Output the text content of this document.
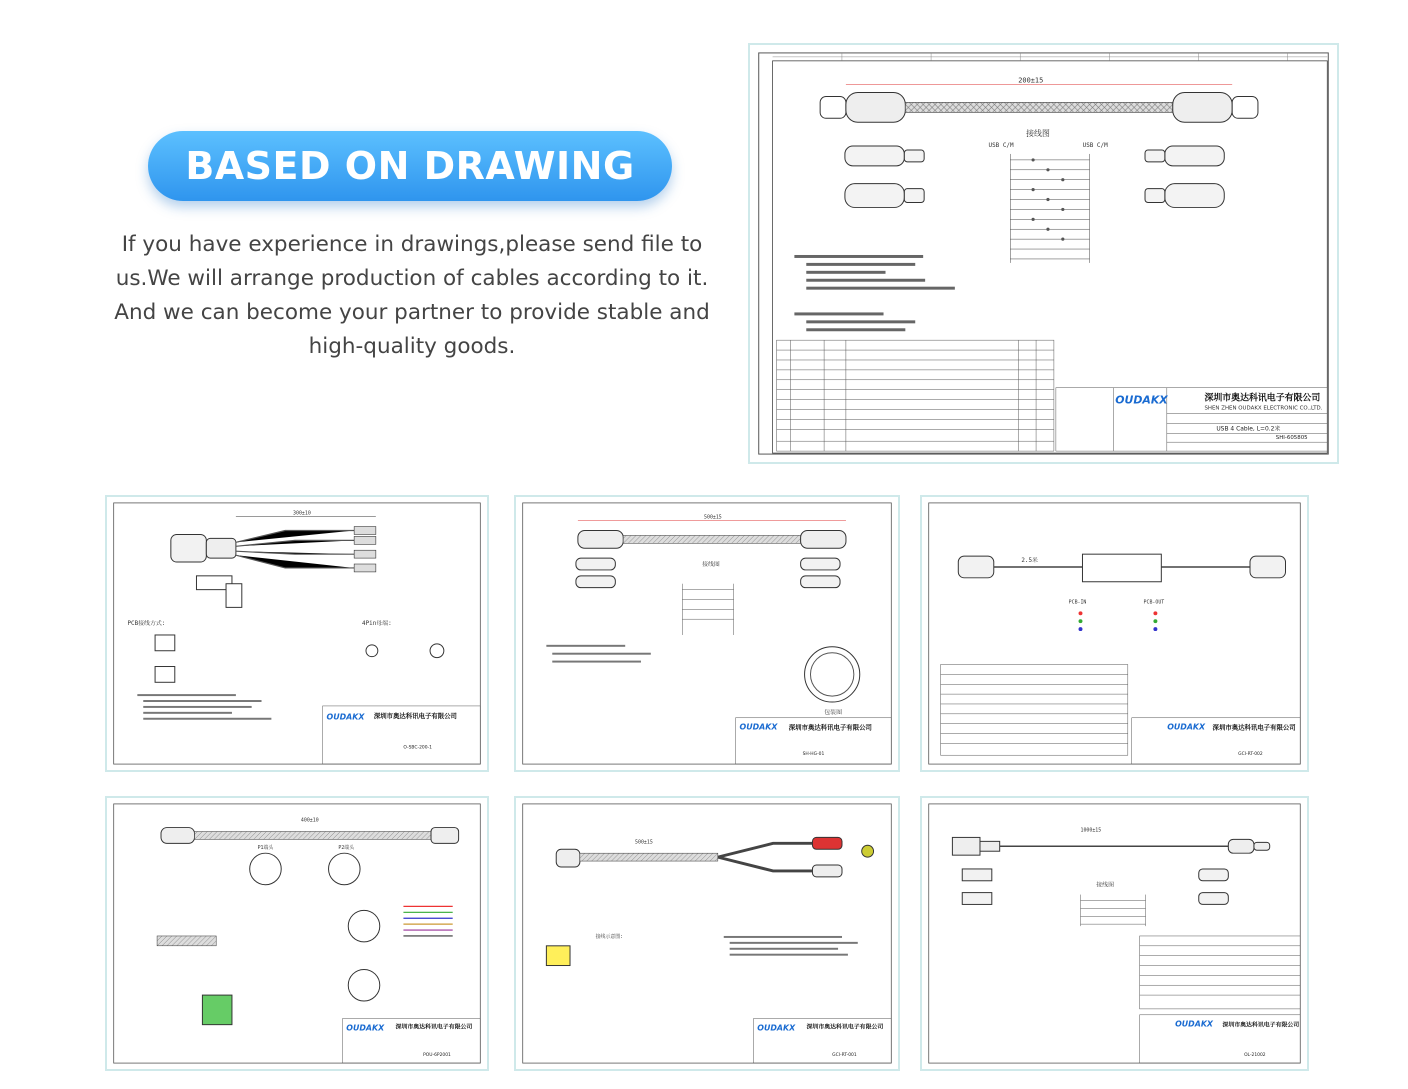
BASED ON DRAWING
If you have experience in drawings,please send file to us.We will arrange production of cables according to it. And we can become your partner to provide stable and high-quality goods.
200±15
接线图
USB C/M	USB C/M
OUDAKX	深圳市奥达科讯电子有限公司
SHEN ZHEN OUDAKX ELECTRONIC CO.,LTD.
USB 4 Cable, L=0.2米
SHI-605805
300±10
PCB接线方式:	4Pin母端:
OUDAKX 深圳市奥达科讯电子有限公司
O-SBC-200-1
500±15
接线图
包装图
OUDAKX 深圳市奥达科讯电子有限公司
SH-HG-01
2.5米
PCB-IN	PCB-OUT
OUDAKX 深圳市奥达科讯电子有限公司
GCI-RT-002
400±10
P1端头	P2端头
OUDAKX 深圳市奥达科讯电子有限公司
POU-6P2001
500±15
接线示意图:
OUDAKX 深圳市奥达科讯电子有限公司
GCI-RT-001
1000±15
接线图
OUDAKX 深圳市奥达科讯电子有限公司
OL-21002
